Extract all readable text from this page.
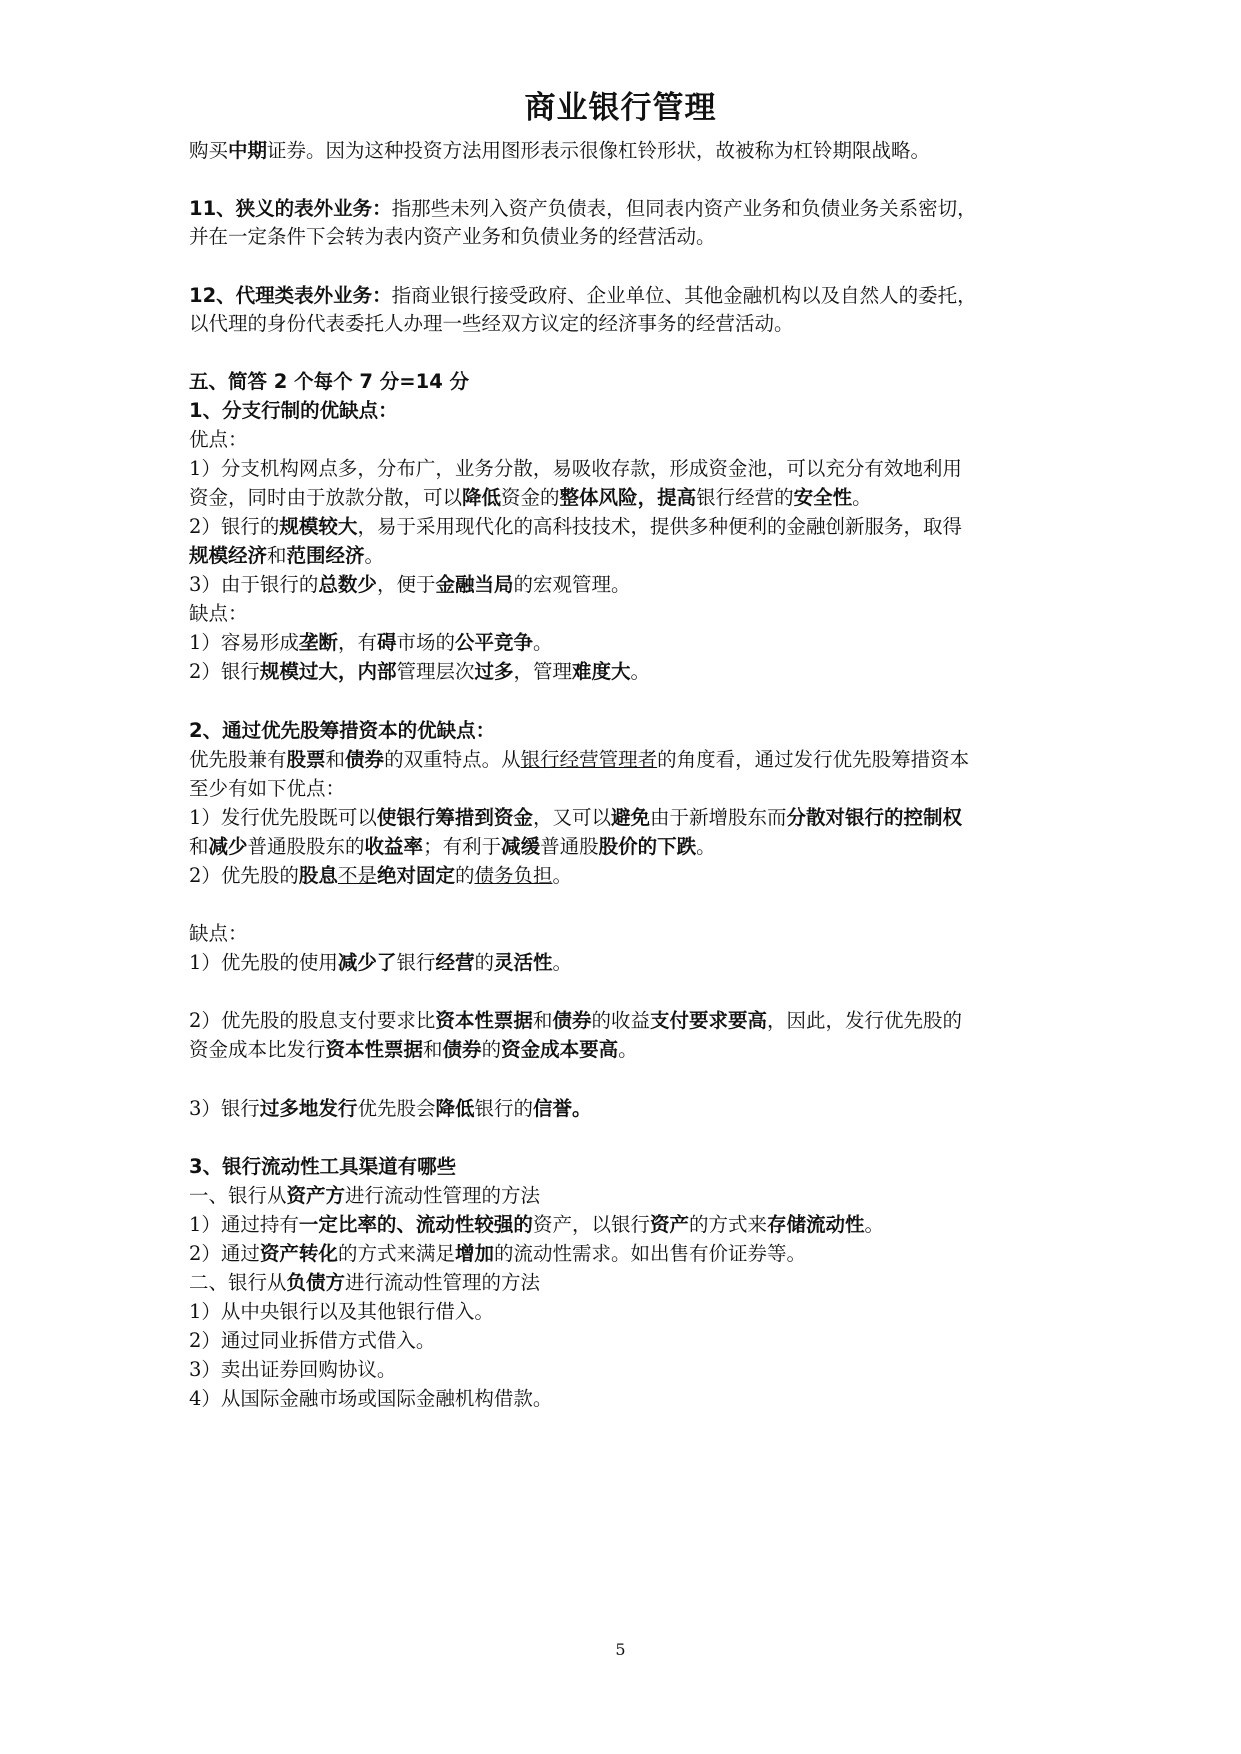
商业银行管理
购买中期证券。因为这种投资方法用图形表示很像杠铃形状，故被称为杠铃期限战略。
11、狭义的表外业务：指那些未列入资产负债表，但同表内资产业务和负债业务关系密切，
并在一定条件下会转为表内资产业务和负债业务的经营活动。
12、代理类表外业务：指商业银行接受政府、企业单位、其他金融机构以及自然人的委托，
以代理的身份代表委托人办理一些经双方议定的经济事务的经营活动。
五、简答 2 个每个 7 分=14 分
1、分支行制的优缺点：
优点：
1）分支机构网点多，分布广，业务分散，易吸收存款，形成资金池，可以充分有效地利用
资金，同时由于放款分散，可以降低资金的整体风险，提高银行经营的安全性。
2）银行的规模较大，易于采用现代化的高科技技术，提供多种便利的金融创新服务，取得
规模经济和范围经济。
3）由于银行的总数少，便于金融当局的宏观管理。
缺点：
1）容易形成垄断，有碍市场的公平竞争。
2）银行规模过大，内部管理层次过多，管理难度大。
2、通过优先股筹措资本的优缺点：
优先股兼有股票和债券的双重特点。从银行经营管理者的角度看，通过发行优先股筹措资本
至少有如下优点：
1）发行优先股既可以使银行筹措到资金，又可以避免由于新增股东而分散对银行的控制权
和减少普通股股东的收益率；有利于减缓普通股股价的下跌。
2）优先股的股息不是绝对固定的债务负担。
缺点：
1）优先股的使用减少了银行经营的灵活性。
2）优先股的股息支付要求比资本性票据和债券的收益支付要求要高，因此，发行优先股的
资金成本比发行资本性票据和债券的资金成本要高。
3）银行过多地发行优先股会降低银行的信誉。
3、银行流动性工具渠道有哪些
一、银行从资产方进行流动性管理的方法
1）通过持有一定比率的、流动性较强的资产，以银行资产的方式来存储流动性。
2）通过资产转化的方式来满足增加的流动性需求。如出售有价证券等。
二、银行从负债方进行流动性管理的方法
1）从中央银行以及其他银行借入。
2）通过同业拆借方式借入。
3）卖出证券回购协议。
4）从国际金融市场或国际金融机构借款。
5
